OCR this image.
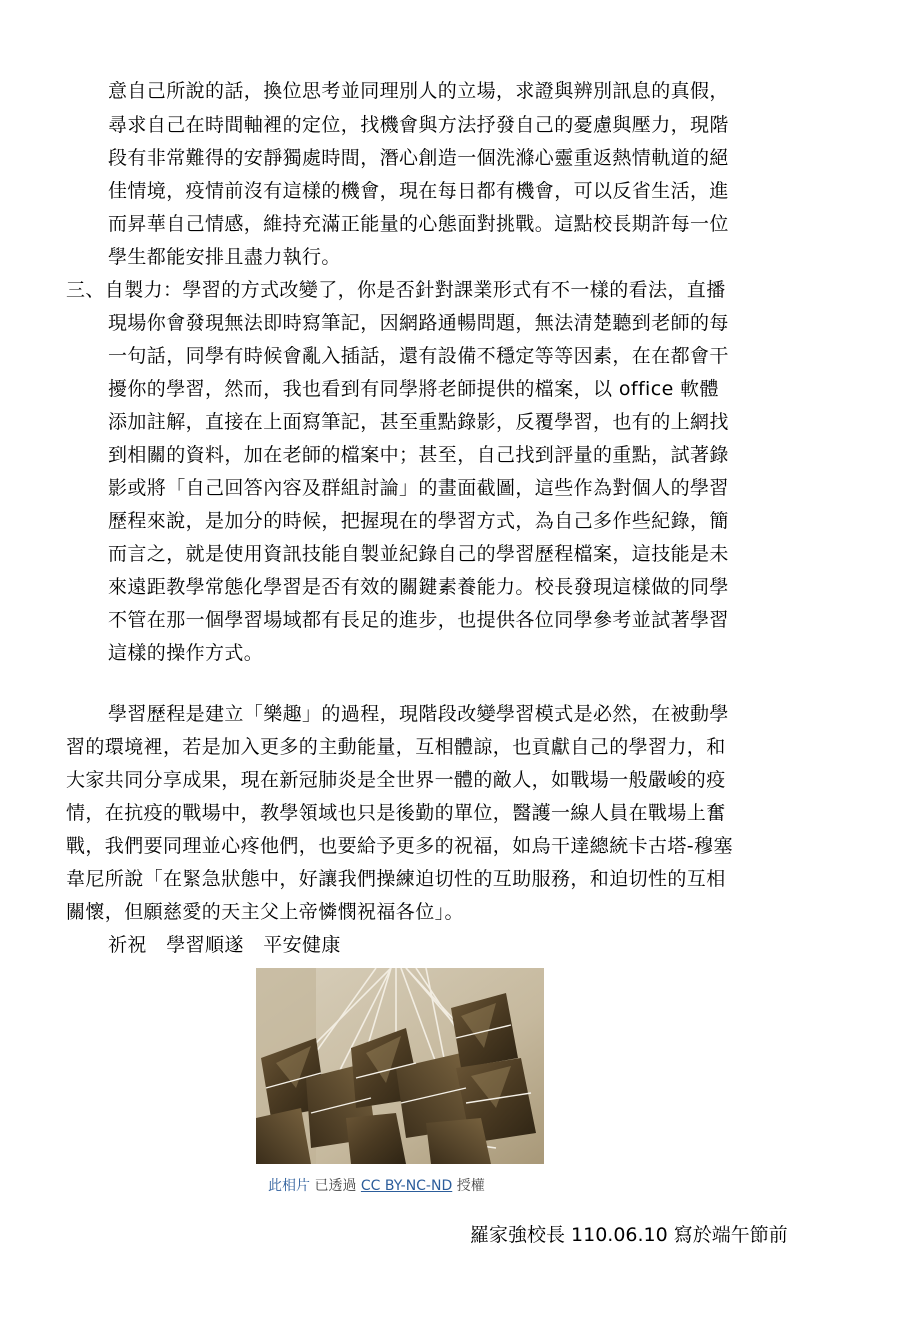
意自己所說的話，換位思考並同理別人的立場，求證與辨別訊息的真假，
尋求自己在時間軸裡的定位，找機會與方法抒發自己的憂慮與壓力，現階
段有非常難得的安靜獨處時間，潛心創造一個洗滌心靈重返熱情軌道的絕
佳情境，疫情前沒有這樣的機會，現在每日都有機會，可以反省生活，進
而昇華自己情感，維持充滿正能量的心態面對挑戰。這點校長期許每一位
學生都能安排且盡力執行。
三、自製力：學習的方式改變了，你是否針對課業形式有不一樣的看法，直播
現場你會發現無法即時寫筆記，因網路通暢問題，無法清楚聽到老師的每
一句話，同學有時候會亂入插話，還有設備不穩定等等因素，在在都會干
擾你的學習，然而，我也看到有同學將老師提供的檔案，以 office 軟體
添加註解，直接在上面寫筆記，甚至重點錄影，反覆學習，也有的上網找
到相關的資料，加在老師的檔案中；甚至，自己找到評量的重點，試著錄
影或將「自己回答內容及群組討論」的畫面截圖，這些作為對個人的學習
歷程來說，是加分的時候，把握現在的學習方式，為自己多作些紀錄，簡
而言之，就是使用資訊技能自製並紀錄自己的學習歷程檔案，這技能是未
來遠距教學常態化學習是否有效的關鍵素養能力。校長發現這樣做的同學
不管在那一個學習場域都有長足的進步，也提供各位同學參考並試著學習
這樣的操作方式。
學習歷程是建立「樂趣」的過程，現階段改變學習模式是必然，在被動學
習的環境裡，若是加入更多的主動能量，互相體諒，也貢獻自己的學習力，和
大家共同分享成果，現在新冠肺炎是全世界一體的敵人，如戰場一般嚴峻的疫
情，在抗疫的戰場中，教學領域也只是後勤的單位，醫護一線人員在戰場上奮
戰，我們要同理並心疼他們，也要給予更多的祝福，如烏干達總統卡古塔-穆塞
韋尼所說「在緊急狀態中，好讓我們操練迫切性的互助服務，和迫切性的互相
關懷，但願慈愛的天主父上帝憐憫祝福各位」。
祈祝　學習順遂　平安健康
此相片 已透過 CC BY-NC-ND 授權
羅家強校長 110.06.10 寫於端午節前
